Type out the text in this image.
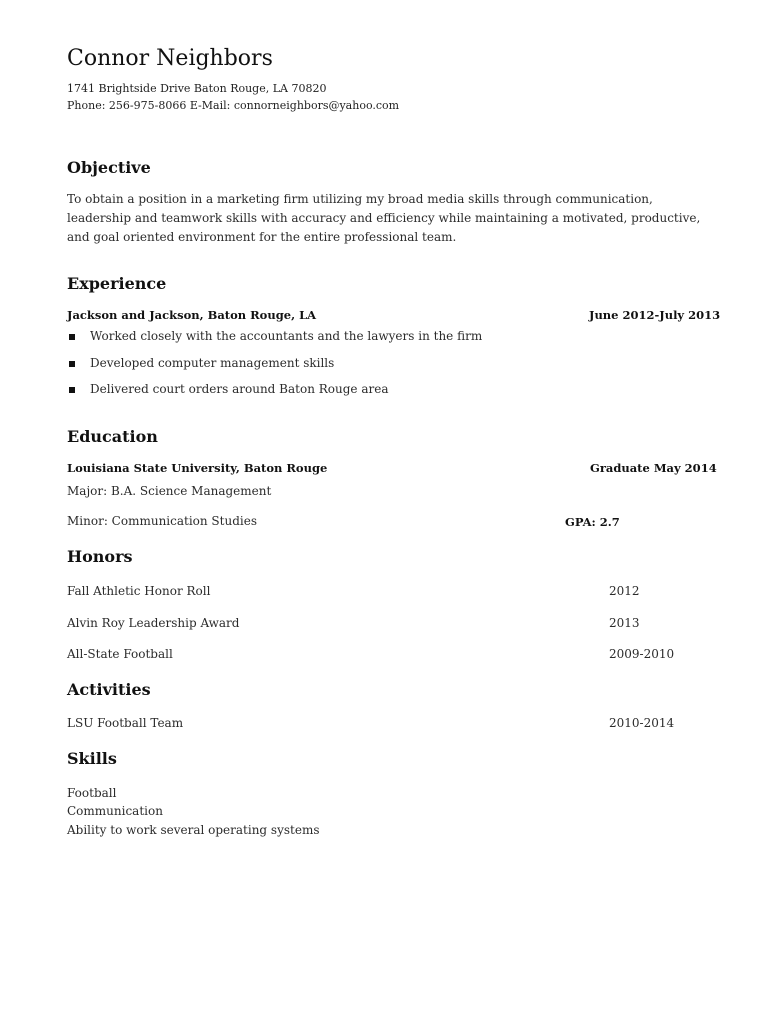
Connor Neighbors
1741 Brightside Drive Baton Rouge, LA 70820
Phone: 256-975-8066 E-Mail: connorneighbors@yahoo.com
Objective
To obtain a position in a marketing firm utilizing my broad media skills through communication, leadership and teamwork skills with accuracy and efficiency while maintaining a motivated, productive, and goal oriented environment for the entire professional team.
Experience
Jackson and Jackson, Baton Rouge, LA	June 2012-July 2013
Worked closely with the accountants and the lawyers in the firm
Developed computer management skills
Delivered court orders around Baton Rouge area
Education
Louisiana State University, Baton Rouge	Graduate May 2014
Major: B.A. Science Management
Minor: Communication Studies	GPA: 2.7
Honors
Fall Athletic Honor Roll	2012
Alvin Roy Leadership Award	2013
All-State Football	2009-2010
Activities
LSU Football Team	2010-2014
Skills
Football
Communication
Ability to work several operating systems
